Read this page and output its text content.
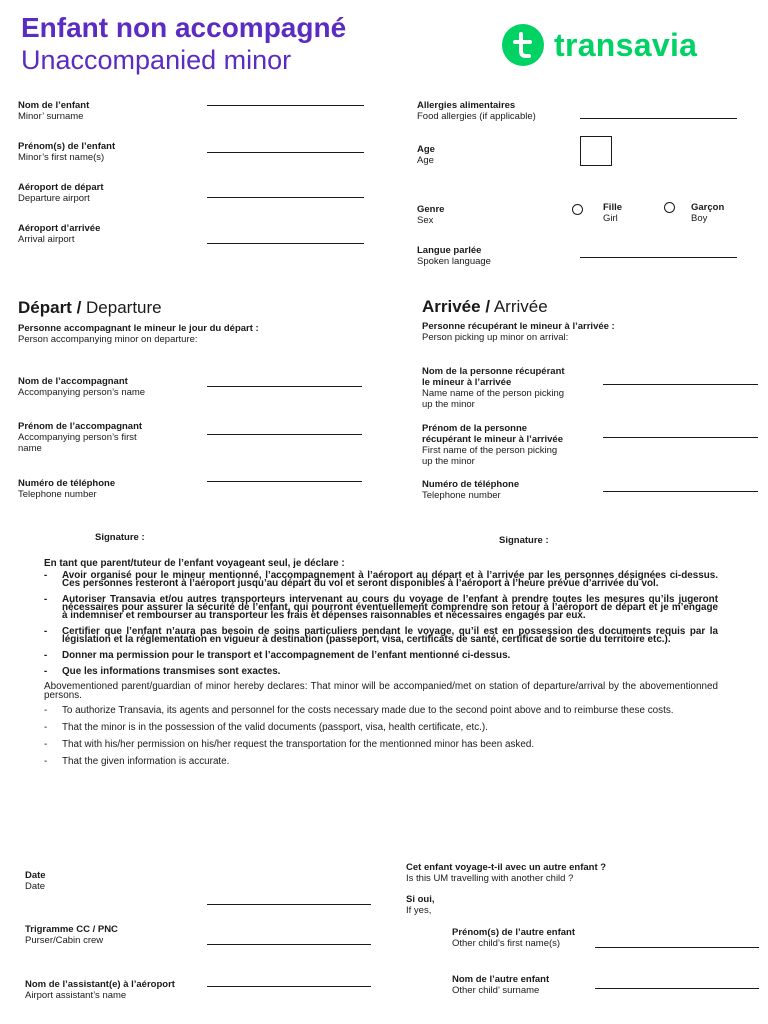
Enfant non accompagné
Unaccompanied minor	transavia
Nom de l’enfant
Minor’ surname
Prénom(s) de l’enfant
Minor’s first name(s)
Aéroport de départ
Departure airport
Aéroport d’arrivée
Arrival airport
Allergies alimentaires
Food allergies (if applicable)
Age
Age
Genre
Sex
Fille
Girl
Garçon
Boy
Langue parlée
Spoken language
Départ / Departure
Personne accompagnant le mineur le jour du départ :
Person accompanying minor on departure:
Nom de l’accompagnant
Accompanying person’s name
Prénom de l’accompagnant
Accompanying person’s first
name
Numéro de téléphone
Telephone number
Signature :
Arrivée / Arrivée
Personne récupérant le mineur à l’arrivée :
Person picking up minor on arrival:
Nom de la personne récupérant
le mineur à l’arrivée
Name name of the person picking
up the minor
Prénom de la personne
récupérant le mineur à l’arrivée
First name of the person picking
up the minor
Numéro de téléphone
Telephone number
Signature :
En tant que parent/tuteur de l’enfant voyageant seul, je déclare :
- Avoir organisé pour le mineur mentionné, l’accompagnement à l’aéroport au départ et à l’arrivée par les personnes désignées ci-dessus. Ces personnes resteront à l’aéroport jusqu’au départ du vol et seront disponibles à l’aéroport à l’heure prévue d’arrivée du vol.
- Autoriser Transavia et/ou autres transporteurs intervenant au cours du voyage de l’enfant à prendre toutes les mesures qu’ils jugeront nécessaires pour assurer la sécurité de l’enfant, qui pourront éventuellement comprendre son retour à l’aéroport de départ et je m’engage à indemniser et rembourser au transporteur les frais et dépenses raisonnables et nécessaires engagés par eux.
- Certifier que l’enfant n’aura pas besoin de soins particuliers pendant le voyage, qu’il est en possession des documents requis par la législation et la réglementation en vigueur à destination (passeport, visa, certificats de santé, certificat de sortie du territoire etc.).
- Donner ma permission pour le transport et l’accompagnement de l’enfant mentionné ci-dessus.
- Que les informations transmises sont exactes.
Abovementioned parent/guardian of minor hereby declares: That minor will be accompanied/met on station of departure/arrival by the abovementionned persons.
- To authorize Transavia, its agents and personnel for the costs necessary made due to the second point above and to reimburse these costs.
- That the minor is in the possession of the valid documents (passport, visa, health certificate, etc.).
- That with his/her permission on his/her request the transportation for the mentionned minor has been asked.
- That the given information is accurate.
Date
Date
Trigramme CC / PNC
Purser/Cabin crew
Nom de l’assistant(e) à l’aéroport
Airport assistant’s name
Cet enfant voyage-t-il avec un autre enfant ?
Is this UM travelling with another child ?
Si oui,
If yes,
Prénom(s) de l’autre enfant
Other child’s first name(s)
Nom de l’autre enfant
Other child’ surname
